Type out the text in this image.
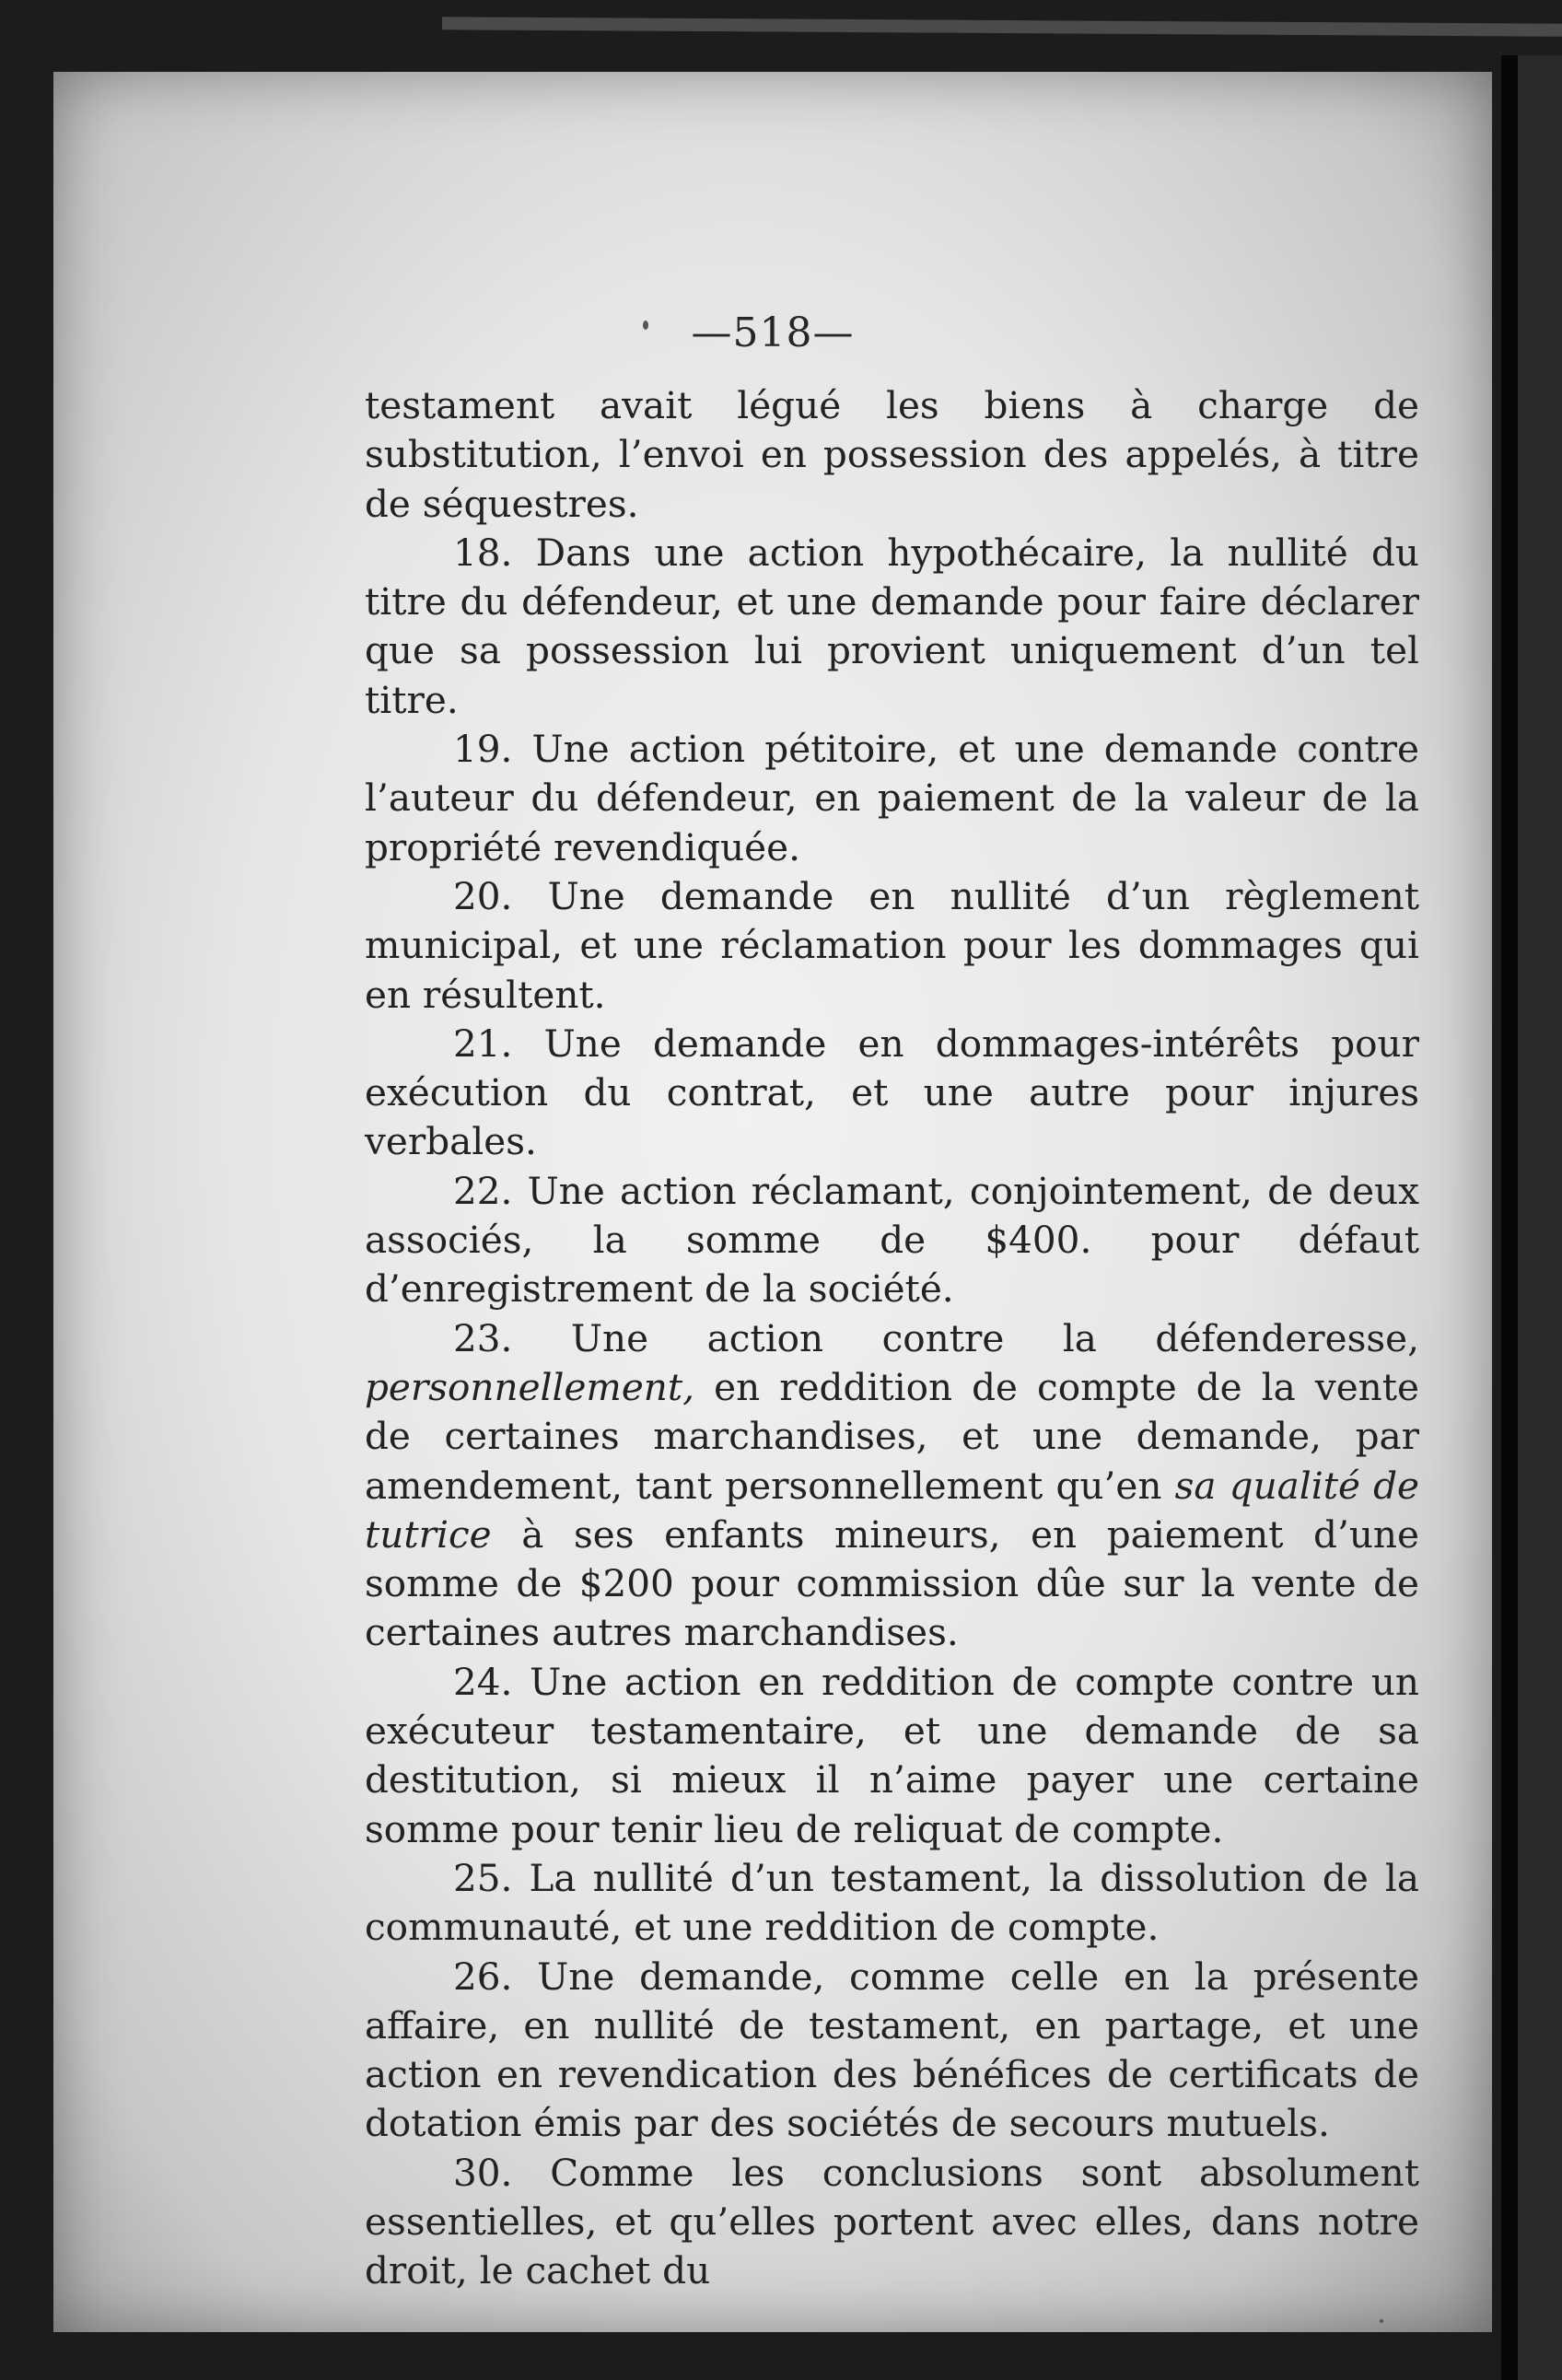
—518—

testament avait légué les biens à charge de substitution, l’envoi en possession des appelés, à titre de séquestres.

18. Dans une action hypothécaire, la nullité du titre du défendeur, et une demande pour faire déclarer que sa possession lui provient uniquement d’un tel titre.

19. Une action pétitoire, et une demande contre l’auteur du défendeur, en paiement de la valeur de la propriété revendiquée.

20. Une demande en nullité d’un règlement municipal, et une réclamation pour les dommages qui en résultent.

21. Une demande en dommages-intérêts pour exécution du contrat, et une autre pour injures verbales.

22. Une action réclamant, conjointement, de deux associés, la somme de $400. pour défaut d’enregistrement de la société.

23. Une action contre la défenderesse, personnellement, en reddition de compte de la vente de certaines marchandises, et une demande, par amendement, tant personnellement qu’en sa qualité de tutrice à ses enfants mineurs, en paiement d’une somme de $200 pour commission dûe sur la vente de certaines autres marchandises.

24. Une action en reddition de compte contre un exécuteur testamentaire, et une demande de sa destitution, si mieux il n’aime payer une certaine somme pour tenir lieu de reliquat de compte.

25. La nullité d’un testament, la dissolution de la communauté, et une reddition de compte.

26. Une demande, comme celle en la présente affaire, en nullité de testament, en partage, et une action en revendication des bénéfices de certificats de dotation émis par des sociétés de secours mutuels.

30. Comme les conclusions sont absolument essentielles, et qu’elles portent avec elles, dans notre droit, le cachet du
